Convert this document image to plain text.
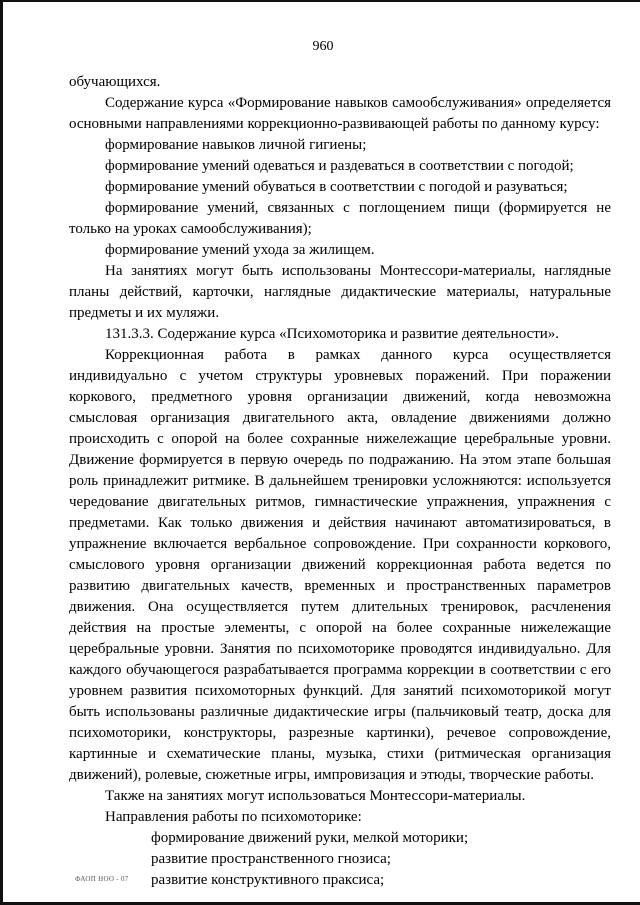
960

обучающихся.

Содержание курса «Формирование навыков самообслуживания» определяется основными направлениями коррекционно-развивающей работы по данному курсу:

формирование навыков личной гигиены;

формирование умений одеваться и раздеваться в соответствии с погодой;

формирование умений обуваться в соответствии с погодой и разуваться;

формирование умений, связанных с поглощением пищи (формируется не только на уроках самообслуживания);

формирование умений ухода за жилищем.

На занятиях могут быть использованы Монтессори-материалы, наглядные планы действий, карточки, наглядные дидактические материалы, натуральные предметы и их муляжи.

131.3.3. Содержание курса «Психомоторика и развитие деятельности».

Коррекционная работа в рамках данного курса осуществляется индивидуально с учетом структуры уровневых поражений. При поражении коркового, предметного уровня организации движений, когда невозможна смысловая организация двигательного акта, овладение движениями должно происходить с опорой на более сохранные нижележащие церебральные уровни. Движение формируется в первую очередь по подражанию. На этом этапе большая роль принадлежит ритмике. В дальнейшем тренировки усложняются: используется чередование двигательных ритмов, гимнастические упражнения, упражнения с предметами. Как только движения и действия начинают автоматизироваться, в упражнение включается вербальное сопровождение. При сохранности коркового, смыслового уровня организации движений коррекционная работа ведется по развитию двигательных качеств, временных и пространственных параметров движения. Она осуществляется путем длительных тренировок, расчленения действия на простые элементы, с опорой на более сохранные нижележащие церебральные уровни. Занятия по психомоторике проводятся индивидуально. Для каждого обучающегося разрабатывается программа коррекции в соответствии с его уровнем развития психомоторных функций. Для занятий психомоторикой могут быть использованы различные дидактические игры (пальчиковый театр, доска для психомоторики, конструкторы, разрезные картинки), речевое сопровождение, картинные и схематические планы, музыка, стихи (ритмическая организация движений), ролевые, сюжетные игры, импровизация и этюды, творческие работы.

Также на занятиях могут использоваться Монтессори-материалы.

Направления работы по психомоторике:

формирование движений руки, мелкой моторики;

развитие пространственного гнозиса;

развитие конструктивного праксиса;

ФАОП НОО - 07
